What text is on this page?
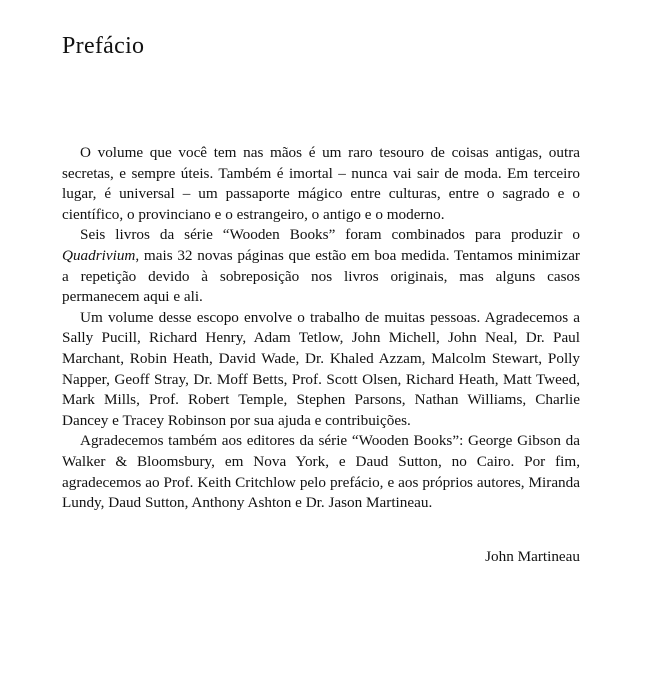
Prefácio

O volume que você tem nas mãos é um raro tesouro de coisas antigas, outra secretas, e sempre úteis. Também é imortal – nunca vai sair de moda. Em terceiro lugar, é universal – um passaporte mágico entre culturas, entre o sagrado e o científico, o provinciano e o estrangeiro, o antigo e o moderno.

Seis livros da série “Wooden Books” foram combinados para produzir o Quadrivium, mais 32 novas páginas que estão em boa medida. Tentamos minimizar a repetição devido à sobreposição nos livros originais, mas alguns casos permanecem aqui e ali.

Um volume desse escopo envolve o trabalho de muitas pessoas. Agradecemos a Sally Pucill, Richard Henry, Adam Tetlow, John Michell, John Neal, Dr. Paul Marchant, Robin Heath, David Wade, Dr. Khaled Azzam, Malcolm Stewart, Polly Napper, Geoff Stray, Dr. Moff Betts, Prof. Scott Olsen, Richard Heath, Matt Tweed, Mark Mills, Prof. Robert Temple, Stephen Parsons, Nathan Williams, Charlie Dancey e Tracey Robinson por sua ajuda e contribuições.

Agradecemos também aos editores da série “Wooden Books”: George Gibson da Walker & Bloomsbury, em Nova York, e Daud Sutton, no Cairo. Por fim, agradecemos ao Prof. Keith Critchlow pelo prefácio, e aos próprios autores, Miranda Lundy, Daud Sutton, Anthony Ashton e Dr. Jason Martineau.

John Martineau
